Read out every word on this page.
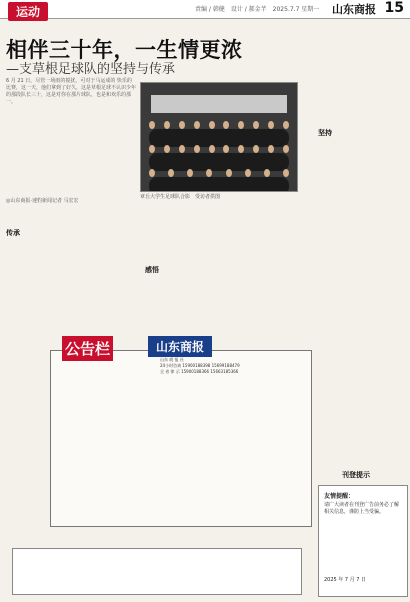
运动	责编 / 韩健　设计 / 郝金芊　2025.7.7 星期一 山东商报 15
相伴三十年，一生情更浓
—支草根足球队的坚持与传承
6 月 21 日，尽管一场雨的搅扰，可对于马运成的 快乐的比赛，这一天，他们拿到了好久，这是草根足球不认识少年的那段队长三十，这是对你在那片球队，也是和欢乐的那一。
章丘大学生足球队合影　受访者供图
◎山东商报·速豹新闻记者 马宏宏
传承
感悟
坚持
公告栏	山东商报
山东 商 报 社
24小时咨询 15900188398 15699188479
全 省 律 示 15900188366 15663185366
刊登提示
友情提醒：
请广大读者在刊登广告前务必了解相关信息，谨防上当受骗。
2025 年 7 月 7 日
